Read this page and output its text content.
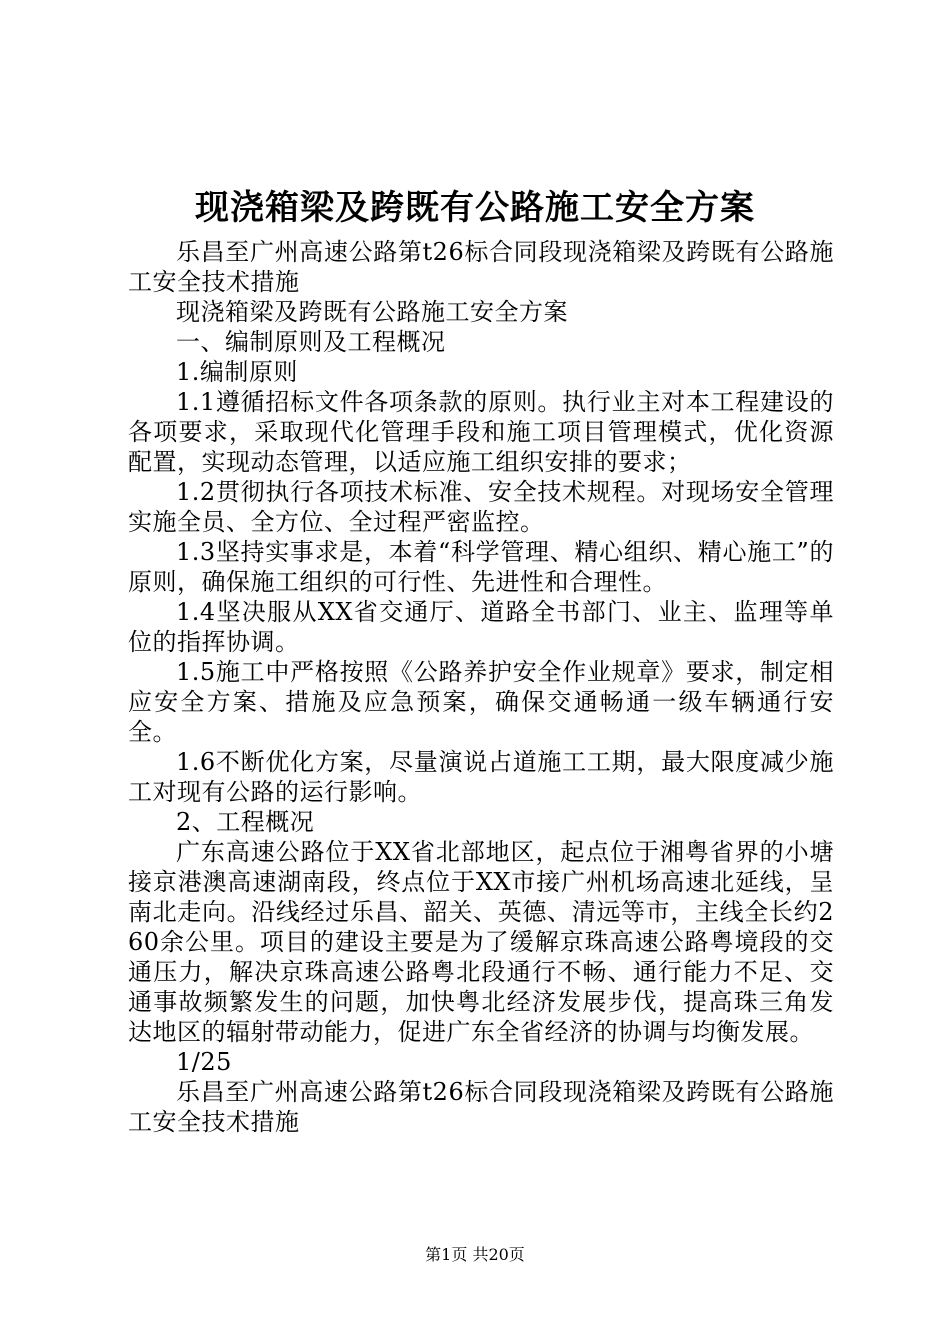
现浇箱梁及跨既有公路施工安全方案

乐昌至广州高速公路第t26标合同段现浇箱梁及跨既有公路施工安全技术措施

现浇箱梁及跨既有公路施工安全方案

一、编制原则及工程概况

1.编制原则

1.1遵循招标文件各项条款的原则。执行业主对本工程建设的各项要求，采取现代化管理手段和施工项目管理模式，优化资源配置，实现动态管理，以适应施工组织安排的要求；

1.2贯彻执行各项技术标准、安全技术规程。对现场安全管理实施全员、全方位、全过程严密监控。

1.3坚持实事求是，本着“科学管理、精心组织、精心施工”的原则，确保施工组织的可行性、先进性和合理性。

1.4坚决服从XX省交通厅、道路全书部门、业主、监理等单位的指挥协调。

1.5施工中严格按照《公路养护安全作业规章》要求，制定相应安全方案、措施及应急预案，确保交通畅通一级车辆通行安全。

1.6不断优化方案，尽量演说占道施工工期，最大限度减少施工对现有公路的运行影响。

2、工程概况

广东高速公路位于XX省北部地区，起点位于湘粤省界的小塘接京港澳高速湖南段，终点位于XX市接广州机场高速北延线，呈南北走向。沿线经过乐昌、韶关、英德、清远等市，主线全长约260余公里。项目的建设主要是为了缓解京珠高速公路粤境段的交通压力，解决京珠高速公路粤北段通行不畅、通行能力不足、交通事故频繁发生的问题，加快粤北经济发展步伐，提高珠三角发达地区的辐射带动能力，促进广东全省经济的协调与均衡发展。

1/25

乐昌至广州高速公路第t26标合同段现浇箱梁及跨既有公路施工安全技术措施

第1页 共20页
